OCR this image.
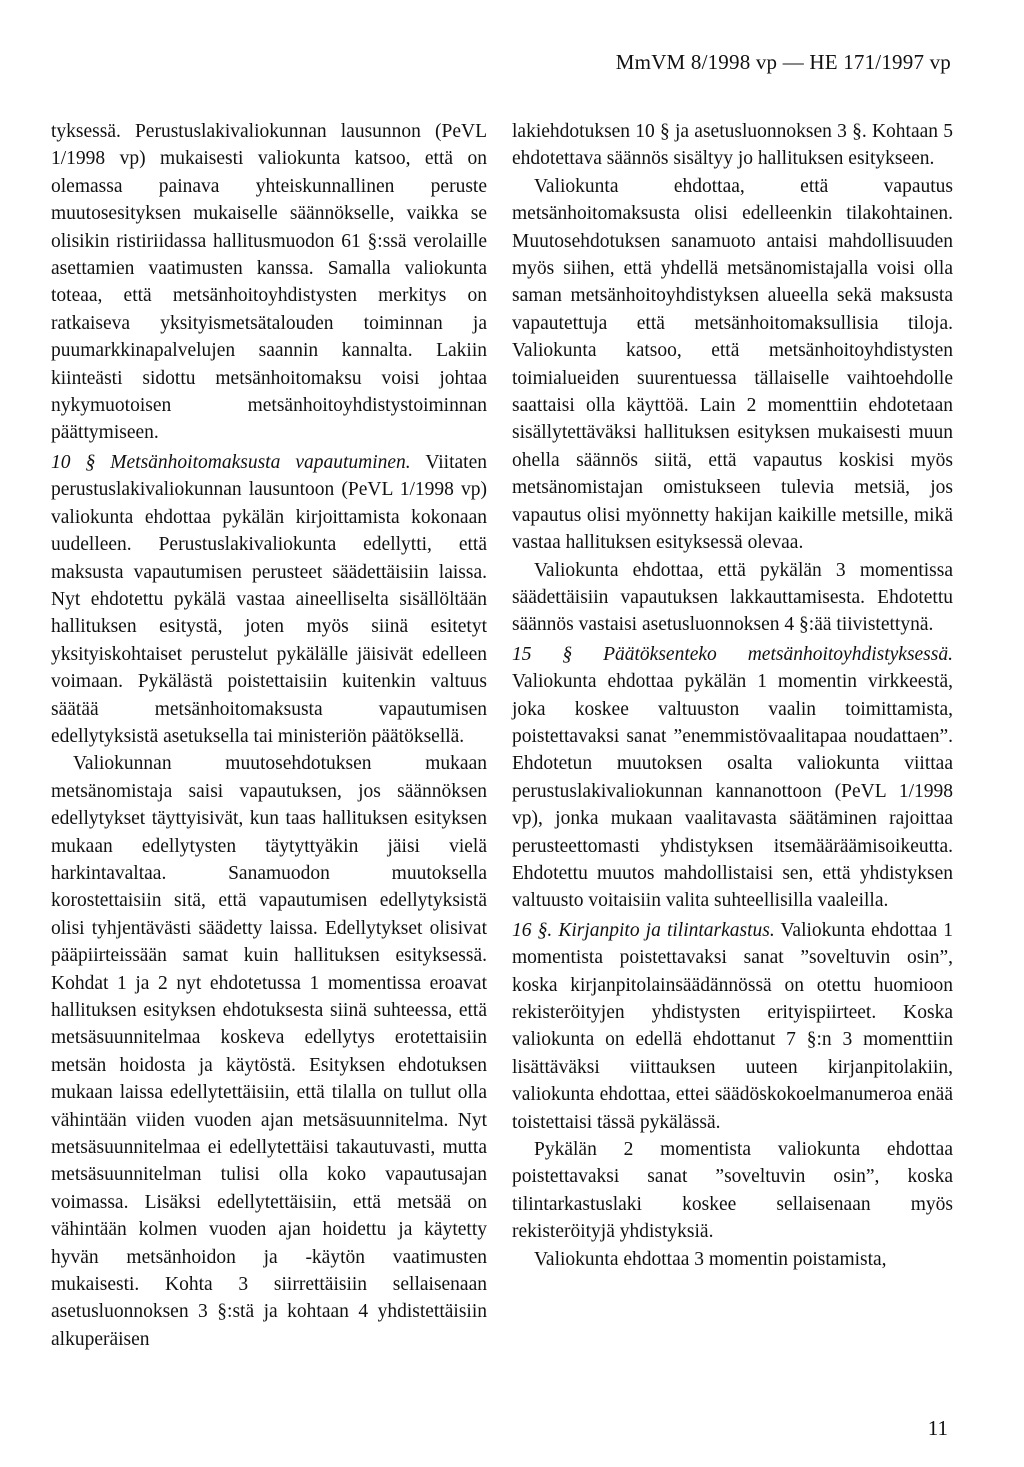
MmVM 8/1998 vp — HE 171/1997 vp

tyksessä. Perustuslakivaliokunnan lausunnon (PeVL 1/1998 vp) mukaisesti valiokunta katsoo, että on olemassa painava yhteiskunnallinen peruste muutosesityksen mukaiselle säännökselle, vaikka se olisikin ristiriidassa hallitusmuodon 61 §:ssä verolaille asettamien vaatimusten kanssa. Samalla valiokunta toteaa, että metsänhoitoyhdistysten merkitys on ratkaiseva yksityismetsätalouden toiminnan ja puumarkkinapalvelujen saannin kannalta. Lakiin kiinteästi sidottu metsänhoitomaksu voisi johtaa nykymuotoisen metsänhoitoyhdistystoiminnan päättymiseen.

10 § Metsänhoitomaksusta vapautuminen. Viitaten perustuslakivaliokunnan lausuntoon (PeVL 1/1998 vp) valiokunta ehdottaa pykälän kirjoittamista kokonaan uudelleen. Perustuslakivaliokunta edellytti, että maksusta vapautumisen perusteet säädettäisiin laissa. Nyt ehdotettu pykälä vastaa aineelliselta sisällöltään hallituksen esitystä, joten myös siinä esitetyt yksityiskohtaiset perustelut pykälälle jäisivät edelleen voimaan. Pykälästä poistettaisiin kuitenkin valtuus säätää metsänhoitomaksusta vapautumisen edellytyksistä asetuksella tai ministeriön päätöksellä.

Valiokunnan muutosehdotuksen mukaan metsänomistaja saisi vapautuksen, jos säännöksen edellytykset täyttyisivät, kun taas hallituksen esityksen mukaan edellytysten täytyttyäkin jäisi vielä harkintavaltaa. Sanamuodon muutoksella korostettaisiin sitä, että vapautumisen edellytyksistä olisi tyhjentävästi säädetty laissa. Edellytykset olisivat pääpiirteissään samat kuin hallituksen esityksessä. Kohdat 1 ja 2 nyt ehdotetussa 1 momentissa eroavat hallituksen esityksen ehdotuksesta siinä suhteessa, että metsäsuunnitelmaa koskeva edellytys erotettaisiin metsän hoidosta ja käytöstä. Esityksen ehdotuksen mukaan laissa edellytettäisiin, että tilalla on tullut olla vähintään viiden vuoden ajan metsäsuunnitelma. Nyt metsäsuunnitelmaa ei edellytettäisi takautuvasti, mutta metsäsuunnitelman tulisi olla koko vapautusajan voimassa. Lisäksi edellytettäisiin, että metsää on vähintään kolmen vuoden ajan hoidettu ja käytetty hyvän metsänhoidon ja -käytön vaatimusten mukaisesti. Kohta 3 siirrettäisiin sellaisenaan asetusluonnoksen 3 §:stä ja kohtaan 4 yhdistettäisiin alkuperäisen

lakiehdotuksen 10 § ja asetusluonnoksen 3 §. Kohtaan 5 ehdotettava säännös sisältyy jo hallituksen esitykseen.

Valiokunta ehdottaa, että vapautus metsänhoitomaksusta olisi edelleenkin tilakohtainen. Muutosehdotuksen sanamuoto antaisi mahdollisuuden myös siihen, että yhdellä metsänomistajalla voisi olla saman metsänhoitoyhdistyksen alueella sekä maksusta vapautettuja että metsänhoitomaksullisia tiloja. Valiokunta katsoo, että metsänhoitoyhdistysten toimialueiden suurentuessa tällaiselle vaihtoehdolle saattaisi olla käyttöä. Lain 2 momenttiin ehdotetaan sisällytettäväksi hallituksen esityksen mukaisesti muun ohella säännös siitä, että vapautus koskisi myös metsänomistajan omistukseen tulevia metsiä, jos vapautus olisi myönnetty hakijan kaikille metsille, mikä vastaa hallituksen esityksessä olevaa.

Valiokunta ehdottaa, että pykälän 3 momentissa säädettäisiin vapautuksen lakkauttamisesta. Ehdotettu säännös vastaisi asetusluonnoksen 4 §:ää tiivistettynä.

15 § Päätöksenteko metsänhoitoyhdistyksessä. Valiokunta ehdottaa pykälän 1 momentin virkkeestä, joka koskee valtuuston vaalin toimittamista, poistettavaksi sanat ”enemmistövaalitapaa noudattaen”. Ehdotetun muutoksen osalta valiokunta viittaa perustuslakivaliokunnan kannanottoon (PeVL 1/1998 vp), jonka mukaan vaalitavasta säätäminen rajoittaa perusteettomasti yhdistyksen itsemääräämisoikeutta. Ehdotettu muutos mahdollistaisi sen, että yhdistyksen valtuusto voitaisiin valita suhteellisilla vaaleilla.

16 §. Kirjanpito ja tilintarkastus. Valiokunta ehdottaa 1 momentista poistettavaksi sanat ”soveltuvin osin”, koska kirjanpitolainsäädännössä on otettu huomioon rekisteröityjen yhdistysten erityispiirteet. Koska valiokunta on edellä ehdottanut 7 §:n 3 momenttiin lisättäväksi viittauksen uuteen kirjanpitolakiin, valiokunta ehdottaa, ettei säädöskokoelmanumeroa enää toistettaisi tässä pykälässä.

Pykälän 2 momentista valiokunta ehdottaa poistettavaksi sanat ”soveltuvin osin”, koska tilintarkastuslaki koskee sellaisenaan myös rekisteröityjä yhdistyksiä.

Valiokunta ehdottaa 3 momentin poistamista,

11
